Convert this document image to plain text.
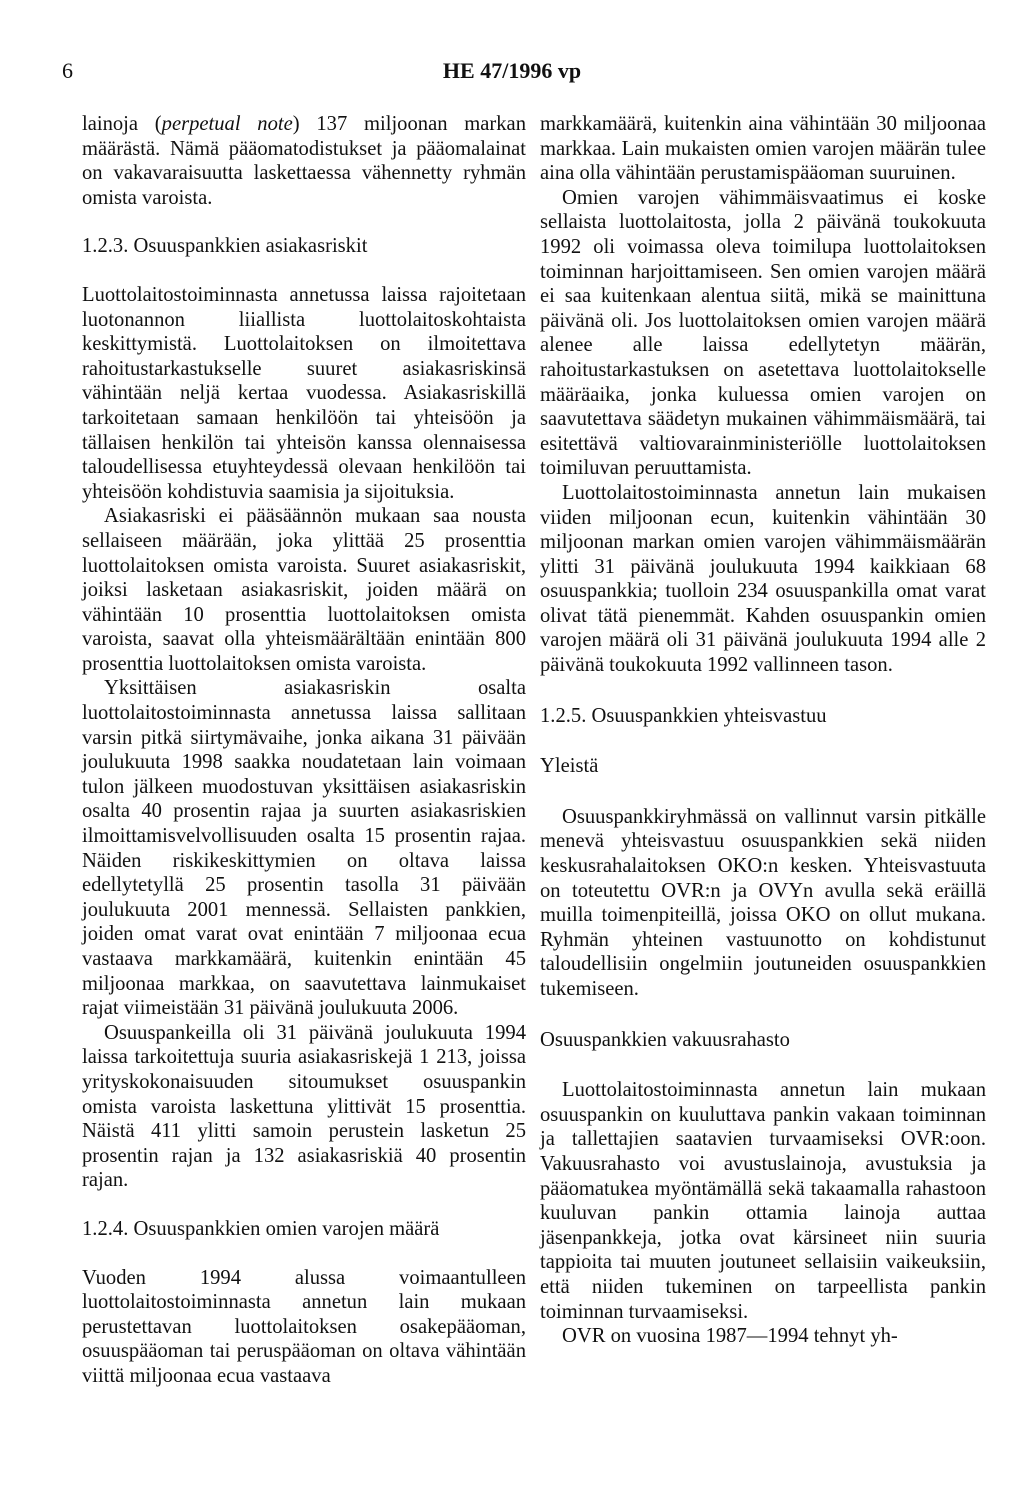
6	HE 47/1996 vp

lainoja (perpetual note) 137 miljoonan markan määrästä. Nämä pääomatodistukset ja pääomalainat on vakavaraisuutta laskettaessa vähennetty ryhmän omista varoista.

1.2.3. Osuuspankkien asiakasriskit

Luottolaitostoiminnasta annetussa laissa rajoitetaan luotonannon liiallista luottolaitoskohtaista keskittymistä. Luottolaitoksen on ilmoitettava rahoitustarkastukselle suuret asiakasriskinsä vähintään neljä kertaa vuodessa. Asiakasriskillä tarkoitetaan samaan henkilöön tai yhteisöön ja tällaisen henkilön tai yhteisön kanssa olennaisessa taloudellisessa etuyhteydessä olevaan henkilöön tai yhteisöön kohdistuvia saamisia ja sijoituksia.

Asiakasriski ei pääsäännön mukaan saa nousta sellaiseen määrään, joka ylittää 25 prosenttia luottolaitoksen omista varoista. Suuret asiakasriskit, joiksi lasketaan asiakasriskit, joiden määrä on vähintään 10 prosenttia luottolaitoksen omista varoista, saavat olla yhteismäärältään enintään 800 prosenttia luottolaitoksen omista varoista.

Yksittäisen asiakasriskin osalta luottolaitostoiminnasta annetussa laissa sallitaan varsin pitkä siirtymävaihe, jonka aikana 31 päivään joulukuuta 1998 saakka noudatetaan lain voimaan tulon jälkeen muodostuvan yksittäisen asiakasriskin osalta 40 prosentin rajaa ja suurten asiakasriskien ilmoittamisvelvollisuuden osalta 15 prosentin rajaa. Näiden riskikeskittymien on oltava laissa edellytetyllä 25 prosentin tasolla 31 päivään joulukuuta 2001 mennessä. Sellaisten pankkien, joiden omat varat ovat enintään 7 miljoonaa ecua vastaava markkamäärä, kuitenkin enintään 45 miljoonaa markkaa, on saavutettava lainmukaiset rajat viimeistään 31 päivänä joulukuuta 2006.

Osuuspankeilla oli 31 päivänä joulukuuta 1994 laissa tarkoitettuja suuria asiakasriskejä 1 213, joissa yrityskokonaisuuden sitoumukset osuuspankin omista varoista laskettuna ylittivät 15 prosenttia. Näistä 411 ylitti samoin perustein lasketun 25 prosentin rajan ja 132 asiakasriskiä 40 prosentin rajan.

1.2.4. Osuuspankkien omien varojen määrä

Vuoden 1994 alussa voimaantulleen luottolaitostoiminnasta annetun lain mukaan perustettavan luottolaitoksen osakepääoman, osuuspääoman tai peruspääoman on oltava vähintään viittä miljoonaa ecua vastaava

markkamäärä, kuitenkin aina vähintään 30 miljoonaa markkaa. Lain mukaisten omien varojen määrän tulee aina olla vähintään perustamispääoman suuruinen.

Omien varojen vähimmäisvaatimus ei koske sellaista luottolaitosta, jolla 2 päivänä toukokuuta 1992 oli voimassa oleva toimilupa luottolaitoksen toiminnan harjoittamiseen. Sen omien varojen määrä ei saa kuitenkaan alentua siitä, mikä se mainittuna päivänä oli. Jos luottolaitoksen omien varojen määrä alenee alle laissa edellytetyn määrän, rahoitustarkastuksen on asetettava luottolaitokselle määräaika, jonka kuluessa omien varojen on saavutettava säädetyn mukainen vähimmäismäärä, tai esitettävä valtiovarainministeriölle luottolaitoksen toimiluvan peruuttamista.

Luottolaitostoiminnasta annetun lain mukaisen viiden miljoonan ecun, kuitenkin vähintään 30 miljoonan markan omien varojen vähimmäismäärän ylitti 31 päivänä joulukuuta 1994 kaikkiaan 68 osuuspankkia; tuolloin 234 osuuspankilla omat varat olivat tätä pienemmät. Kahden osuuspankin omien varojen määrä oli 31 päivänä joulukuuta 1994 alle 2 päivänä toukokuuta 1992 vallinneen tason.

1.2.5. Osuuspankkien yhteisvastuu
Yleistä

Osuuspankkiryhmässä on vallinnut varsin pitkälle menevä yhteisvastuu osuuspankkien sekä niiden keskusrahalaitoksen OKO:n kesken. Yhteisvastuuta on toteutettu OVR:n ja OVYn avulla sekä eräillä muilla toimenpiteillä, joissa OKO on ollut mukana. Ryhmän yhteinen vastuunotto on kohdistunut taloudellisiin ongelmiin joutuneiden osuuspankkien tukemiseen.

Osuuspankkien vakuusrahasto

Luottolaitostoiminnasta annetun lain mukaan osuuspankin on kuuluttava pankin vakaan toiminnan ja tallettajien saatavien turvaamiseksi OVR:oon. Vakuusrahasto voi avustuslainoja, avustuksia ja pääomatukea myöntämällä sekä takaamalla rahastoon kuuluvan pankin ottamia lainoja auttaa jäsenpankkeja, jotka ovat kärsineet niin suuria tappioita tai muuten joutuneet sellaisiin vaikeuksiin, että niiden tukeminen on tarpeellista pankin toiminnan turvaamiseksi.

OVR on vuosina 1987—1994 tehnyt yh-
